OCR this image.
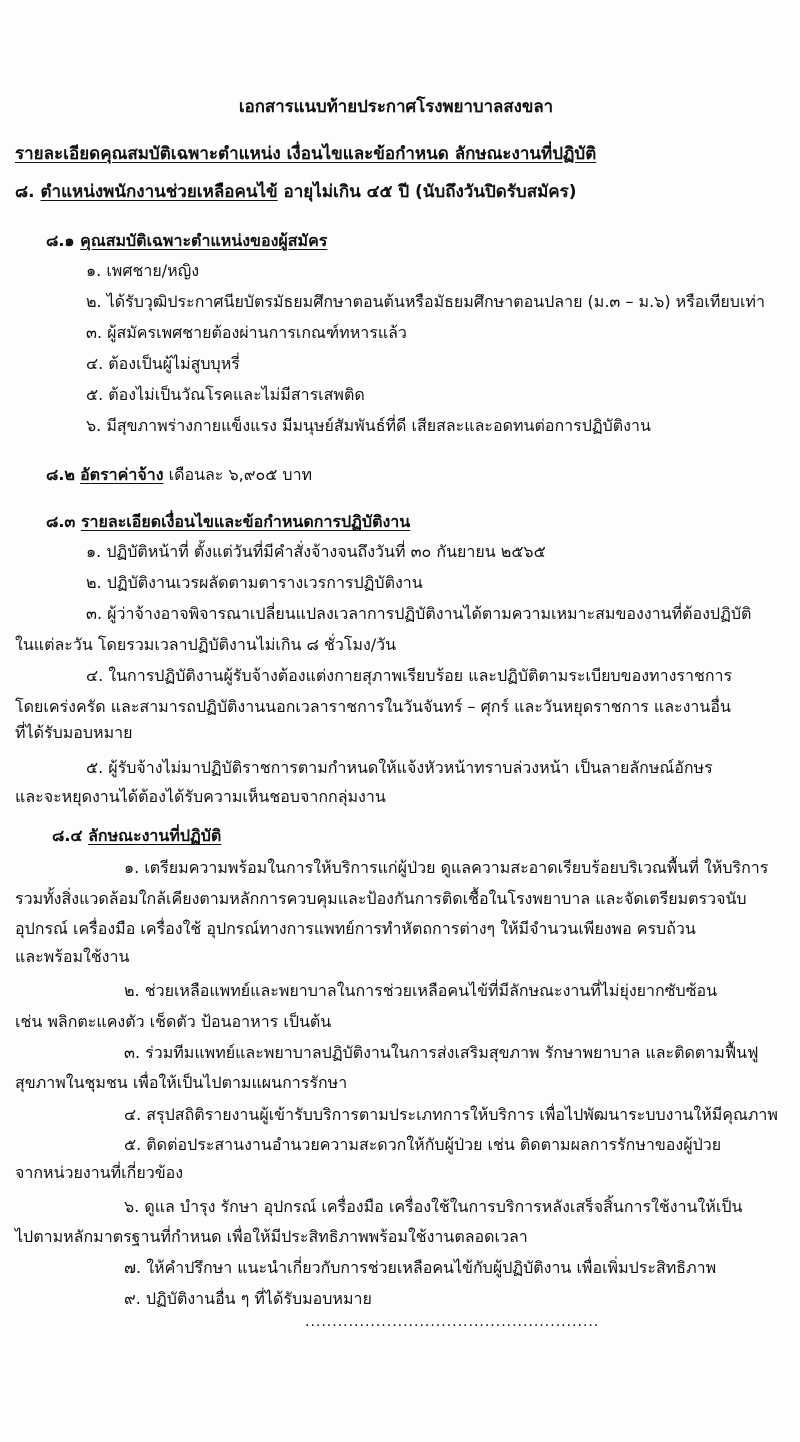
เอกสารแนบท้ายประกาศโรงพยาบาลสงขลา
รายละเอียดคุณสมบัติเฉพาะตำแหน่ง เงื่อนไขและข้อกำหนด ลักษณะงานที่ปฏิบัติ
๘. ตำแหน่งพนักงานช่วยเหลือคนไข้ อายุไม่เกิน ๔๕ ปี (นับถึงวันปิดรับสมัคร)
๘.๑ คุณสมบัติเฉพาะตำแหน่งของผู้สมัคร
๑. เพศชาย/หญิง
๒. ได้รับวุฒิประกาศนียบัตรมัธยมศึกษาตอนต้นหรือมัธยมศึกษาตอนปลาย (ม.๓ – ม.๖) หรือเทียบเท่า
๓. ผู้สมัครเพศชายต้องผ่านการเกณฑ์ทหารแล้ว
๔. ต้องเป็นผู้ไม่สูบบุหรี่
๕. ต้องไม่เป็นวัณโรคและไม่มีสารเสพติด
๖. มีสุขภาพร่างกายแข็งแรง มีมนุษย์สัมพันธ์ที่ดี เสียสละและอดทนต่อการปฏิบัติงาน
๘.๒ อัตราค่าจ้าง เดือนละ ๖,๙๐๕ บาท
๘.๓ รายละเอียดเงื่อนไขและข้อกำหนดการปฏิบัติงาน
๑. ปฏิบัติหน้าที่ ตั้งแต่วันที่มีคำสั่งจ้างจนถึงวันที่ ๓๐ กันยายน ๒๕๖๕
๒. ปฏิบัติงานเวรผลัดตามตารางเวรการปฏิบัติงาน
๓. ผู้ว่าจ้างอาจพิจารณาเปลี่ยนแปลงเวลาการปฏิบัติงานได้ตามความเหมาะสมของงานที่ต้องปฏิบัติ
ในแต่ละวัน โดยรวมเวลาปฏิบัติงานไม่เกิน ๘ ชั่วโมง/วัน
๔. ในการปฏิบัติงานผู้รับจ้างต้องแต่งกายสุภาพเรียบร้อย และปฏิบัติตามระเบียบของทางราชการ
โดยเคร่งครัด และสามารถปฏิบัติงานนอกเวลาราชการในวันจันทร์ – ศุกร์ และวันหยุดราชการ และงานอื่น
ที่ได้รับมอบหมาย
๕. ผู้รับจ้างไม่มาปฏิบัติราชการตามกำหนดให้แจ้งหัวหน้าทราบล่วงหน้า เป็นลายลักษณ์อักษร
และจะหยุดงานได้ต้องได้รับความเห็นชอบจากกลุ่มงาน
๘.๔ ลักษณะงานที่ปฏิบัติ
๑. เตรียมความพร้อมในการให้บริการแก่ผู้ป่วย ดูแลความสะอาดเรียบร้อยบริเวณพื้นที่ ให้บริการ
รวมทั้งสิ่งแวดล้อมใกล้เคียงตามหลักการควบคุมและป้องกันการติดเชื้อในโรงพยาบาล และจัดเตรียมตรวจนับ
อุปกรณ์ เครื่องมือ เครื่องใช้ อุปกรณ์ทางการแพทย์การทำหัตถการต่างๆ ให้มีจำนวนเพียงพอ ครบถ้วน
และพร้อมใช้งาน
๒. ช่วยเหลือแพทย์และพยาบาลในการช่วยเหลือคนไข้ที่มีลักษณะงานที่ไม่ยุ่งยากซับซ้อน
เช่น พลิกตะแคงตัว เช็ดตัว ป้อนอาหาร เป็นต้น
๓. ร่วมทีมแพทย์และพยาบาลปฏิบัติงานในการส่งเสริมสุขภาพ รักษาพยาบาล และติดตามฟื้นฟู
สุขภาพในชุมชน เพื่อให้เป็นไปตามแผนการรักษา
๔. สรุปสถิติรายงานผู้เข้ารับบริการตามประเภทการให้บริการ เพื่อไปพัฒนาระบบงานให้มีคุณภาพ
๕. ติดต่อประสานงานอำนวยความสะดวกให้กับผู้ป่วย เช่น ติดตามผลการรักษาของผู้ป่วย
จากหน่วยงานที่เกี่ยวข้อง
๖. ดูแล บำรุง รักษา อุปกรณ์ เครื่องมือ เครื่องใช้ในการบริการหลังเสร็จสิ้นการใช้งานให้เป็น
ไปตามหลักมาตรฐานที่กำหนด เพื่อให้มีประสิทธิภาพพร้อมใช้งานตลอดเวลา
๗. ให้คำปรึกษา แนะนำเกี่ยวกับการช่วยเหลือคนไข้กับผู้ปฏิบัติงาน เพื่อเพิ่มประสิทธิภาพ
๙. ปฏิบัติงานอื่น ๆ ที่ได้รับมอบหมาย
......................................................
